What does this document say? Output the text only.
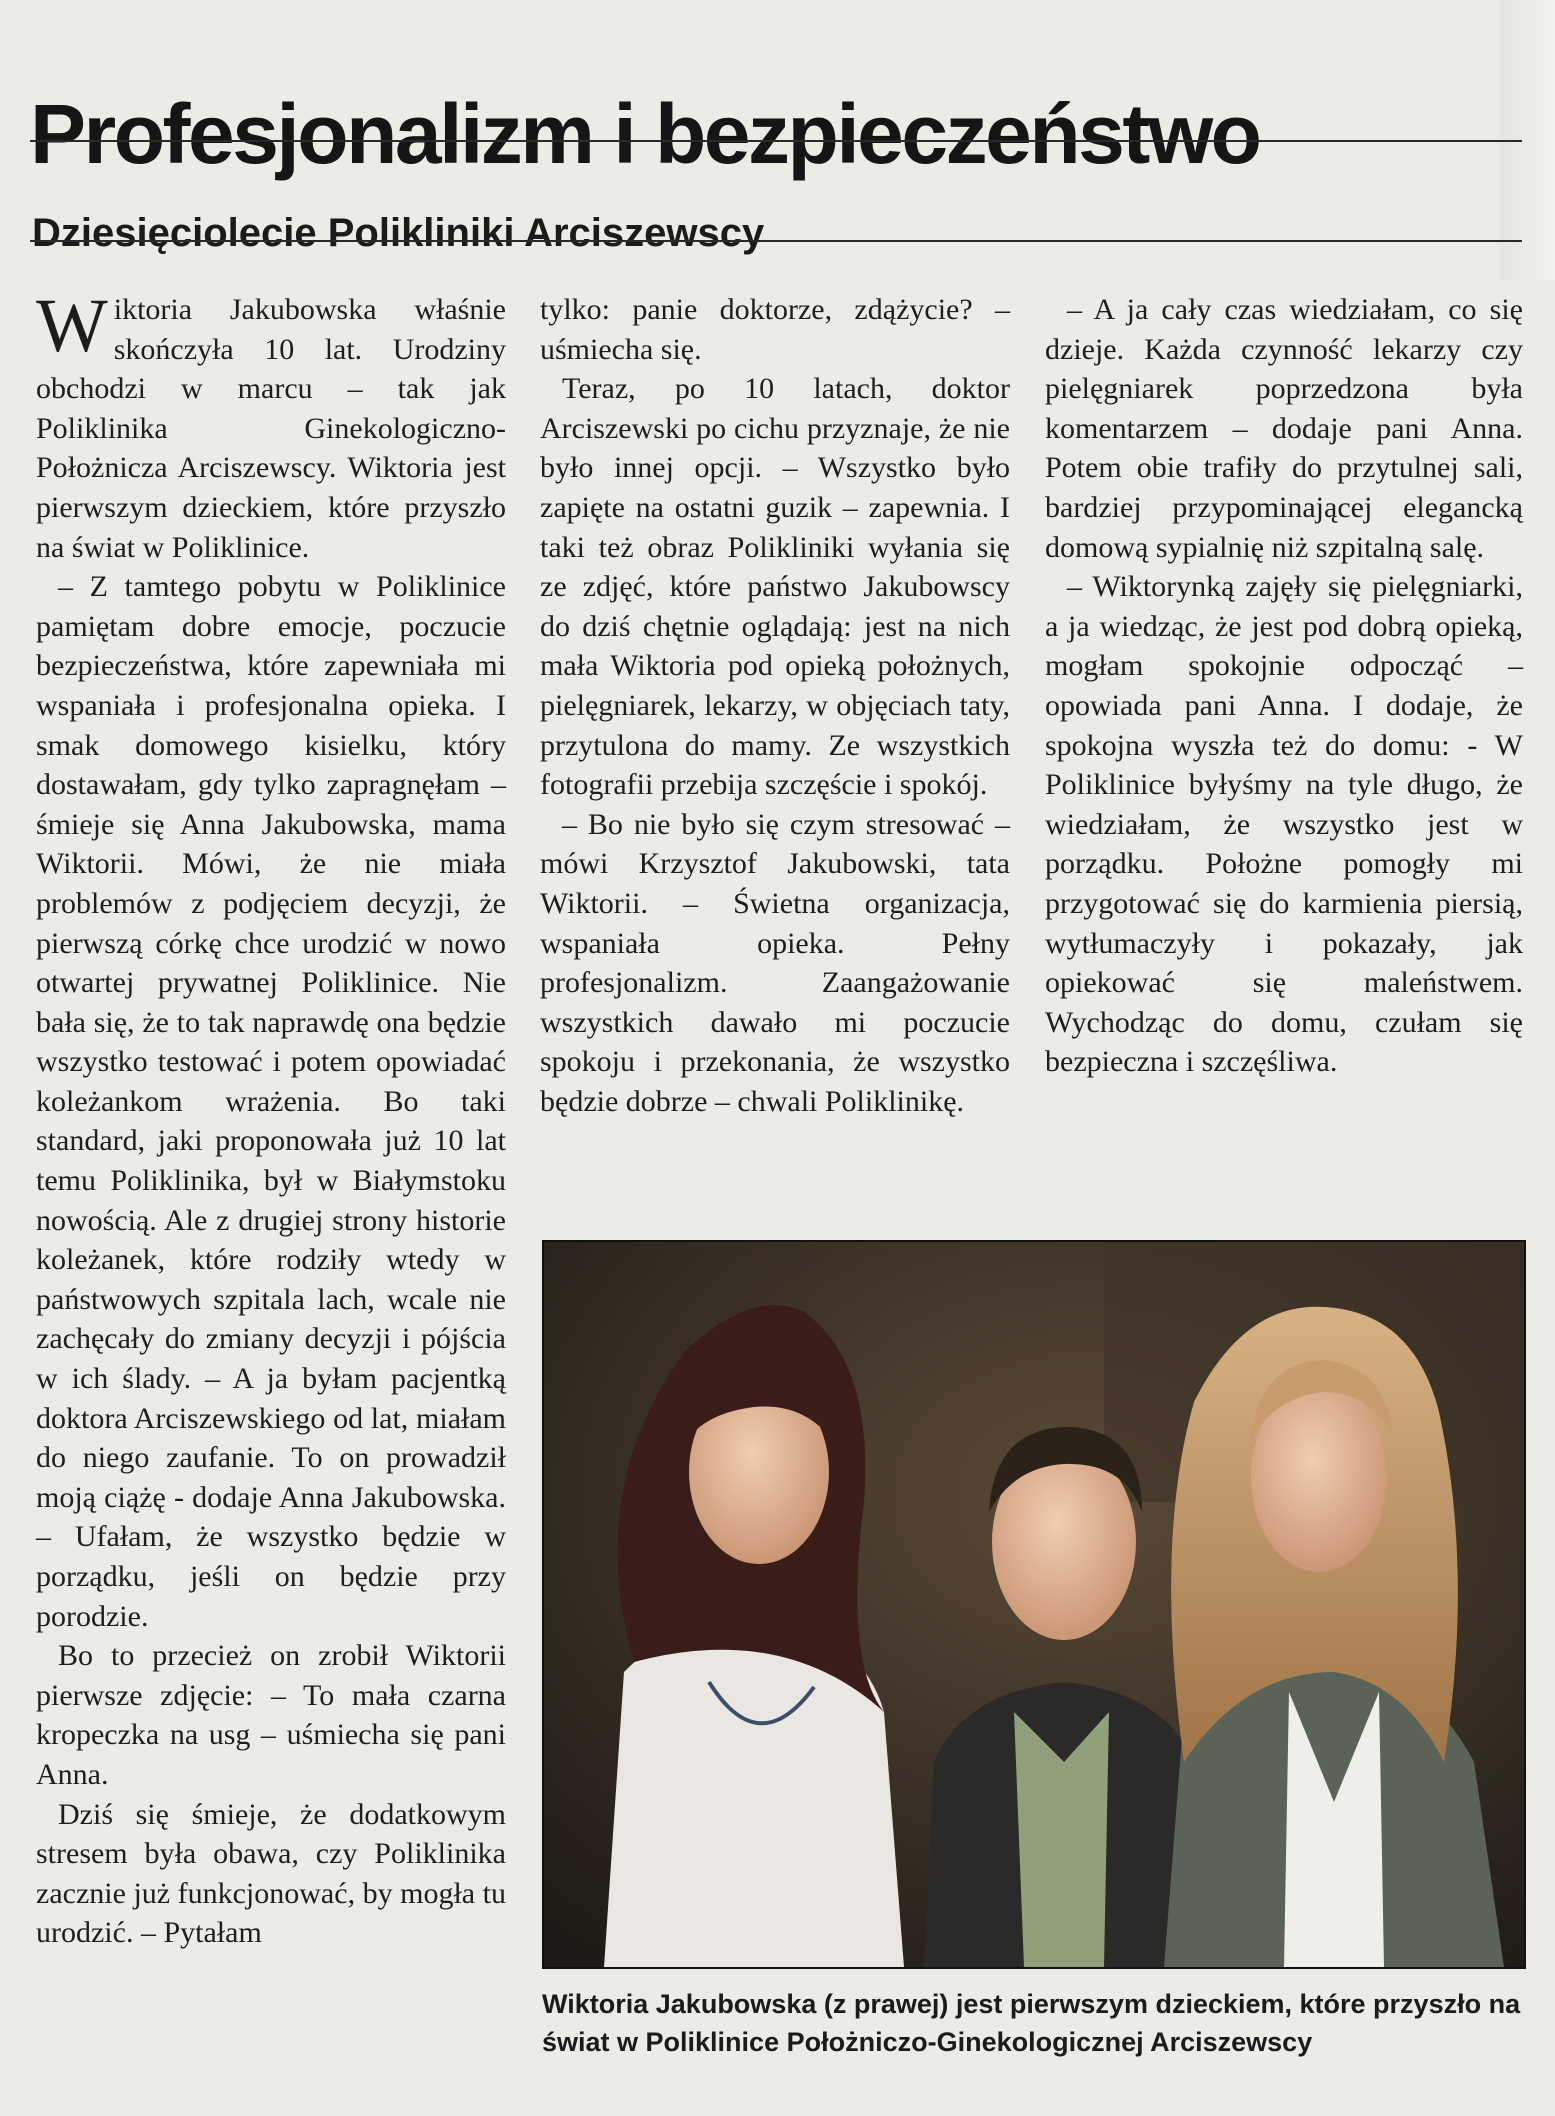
Profesjonalizm i bezpieczeństwo
Dziesięciolecie Polikliniki Arciszewscy

Wiktoria Jakubowska właśnie skończyła 10 lat. Urodziny obchodzi w marcu – tak jak Poliklinika Ginekologiczno-Położnicza Arciszewscy. Wiktoria jest pierwszym dzieckiem, które przyszło na świat w Poliklinice.

– Z tamtego pobytu w Poliklinice pamiętam dobre emocje, poczucie bezpieczeństwa, które zapewniała mi wspaniała i profesjonalna opieka. I smak domowego kisielku, który dostawałam, gdy tylko zapragnęłam – śmieje się Anna Jakubowska, mama Wiktorii. Mówi, że nie miała problemów z podjęciem decyzji, że pierwszą córkę chce urodzić w nowo otwartej prywatnej Poliklinice. Nie bała się, że to tak naprawdę ona będzie wszystko testować i potem opowiadać koleżankom wrażenia. Bo taki standard, jaki proponowała już 10 lat temu Poliklinika, był w Białymstoku nowością. Ale z drugiej strony historie koleżanek, które rodziły wtedy w państwowych szpitala lach, wcale nie zachęcały do zmiany decyzji i pójścia w ich ślady. – A ja byłam pacjentką doktora Arciszewskiego od lat, miałam do niego zaufanie. To on prowadził moją ciążę - dodaje Anna Jakubowska. – Ufałam, że wszystko będzie w porządku, jeśli on będzie przy porodzie.

Bo to przecież on zrobił Wiktorii pierwsze zdjęcie: – To mała czarna kropeczka na usg – uśmiecha się pani Anna.

Dziś się śmieje, że dodatkowym stresem była obawa, czy Poliklinika zacznie już funkcjonować, by mogła tu urodzić. – Pytałam

tylko: panie doktorze, zdążycie? – uśmiecha się.

Teraz, po 10 latach, doktor Arciszewski po cichu przyznaje, że nie było innej opcji. – Wszystko było zapięte na ostatni guzik – zapewnia. I taki też obraz Polikliniki wyłania się ze zdjęć, które państwo Jakubowscy do dziś chętnie oglądają: jest na nich mała Wiktoria pod opieką położnych, pielęgniarek, lekarzy, w objęciach taty, przytulona do mamy. Ze wszystkich fotografii przebija szczęście i spokój.

– Bo nie było się czym stresować – mówi Krzysztof Jakubowski, tata Wiktorii. – Świetna organizacja, wspaniała opieka. Pełny profesjonalizm. Zaangażowanie wszystkich dawało mi poczucie spokoju i przekonania, że wszystko będzie dobrze – chwali Poliklinikę.

– A ja cały czas wiedziałam, co się dzieje. Każda czynność lekarzy czy pielęgniarek poprzedzona była komentarzem – dodaje pani Anna. Potem obie trafiły do przytulnej sali, bardziej przypominającej elegancką domową sypialnię niż szpitalną salę.

– Wiktorynką zajęły się pielęgniarki, a ja wiedząc, że jest pod dobrą opieką, mogłam spokojnie odpocząć – opowiada pani Anna. I dodaje, że spokojna wyszła też do domu: - W Poliklinice byłyśmy na tyle długo, że wiedziałam, że wszystko jest w porządku. Położne pomogły mi przygotować się do karmienia piersią, wytłumaczyły i pokazały, jak opiekować się maleństwem. Wychodząc do domu, czułam się bezpieczna i szczęśliwa.

Wiktoria Jakubowska (z prawej) jest pierwszym dzieckiem, które przyszło na świat w Poliklinice Położniczo-Ginekologicznej Arciszewscy
